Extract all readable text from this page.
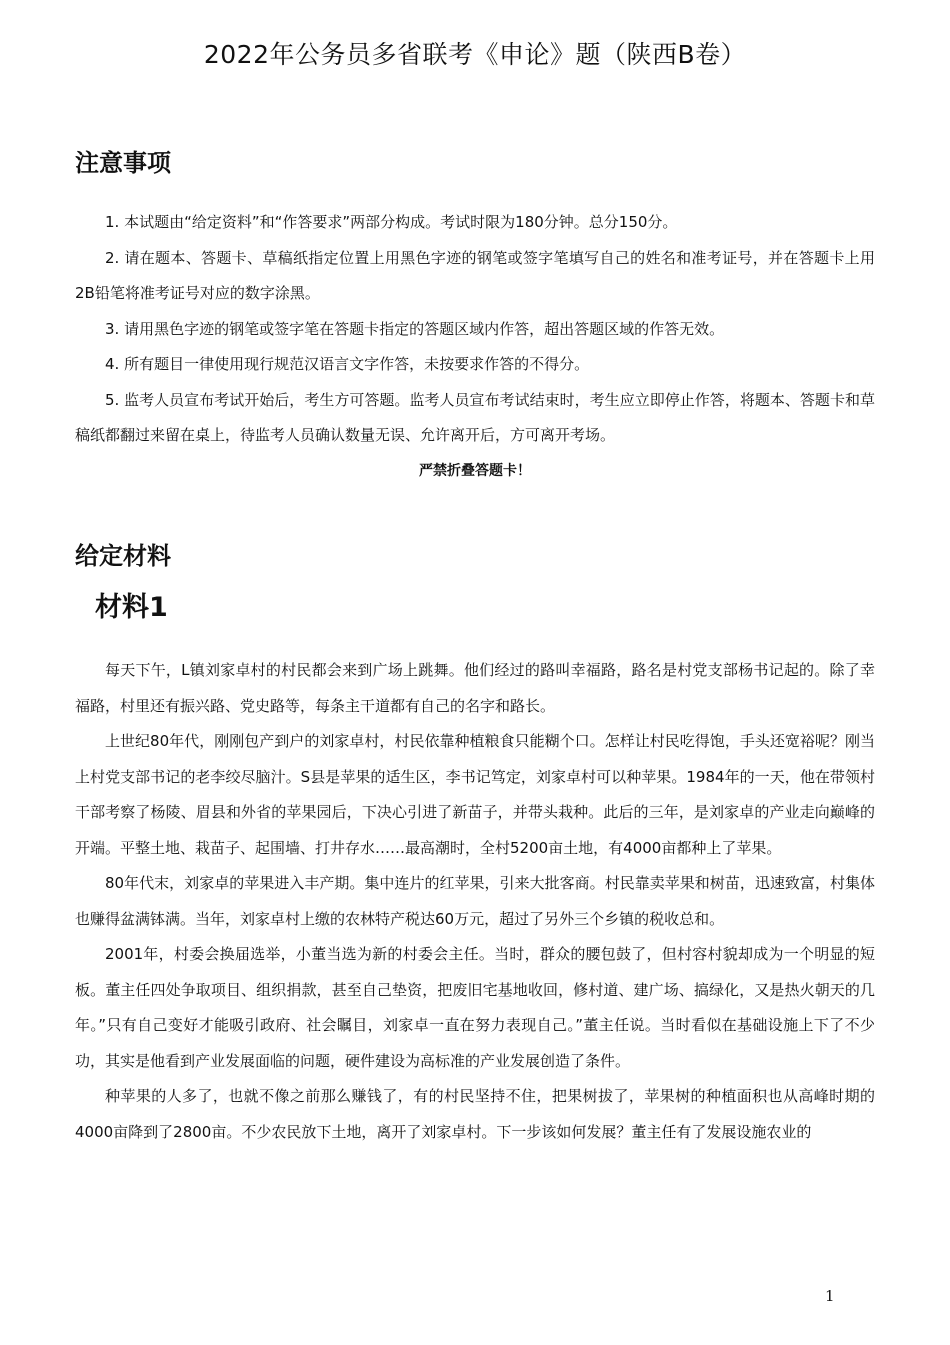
2022年公务员多省联考《申论》题（陕西B卷）
注意事项
1. 本试题由“给定资料”和“作答要求”两部分构成。考试时限为180分钟。总分150分。
2. 请在题本、答题卡、草稿纸指定位置上用黑色字迹的钢笔或签字笔填写自己的姓名和准考证号，并在答题卡上用2B铅笔将准考证号对应的数字涂黑。
3. 请用黑色字迹的钢笔或签字笔在答题卡指定的答题区域内作答，超出答题区域的作答无效。
4. 所有题目一律使用现行规范汉语言文字作答，未按要求作答的不得分。
5. 监考人员宣布考试开始后，考生方可答题。监考人员宣布考试结束时，考生应立即停止作答，将题本、答题卡和草稿纸都翻过来留在桌上，待监考人员确认数量无误、允许离开后，方可离开考场。
严禁折叠答题卡！
给定材料
材料1
每天下午，L镇刘家卓村的村民都会来到广场上跳舞。他们经过的路叫幸福路，路名是村党支部杨书记起的。除了幸福路，村里还有振兴路、党史路等，每条主干道都有自己的名字和路长。
上世纪80年代，刚刚包产到户的刘家卓村，村民依靠种植粮食只能糊个口。怎样让村民吃得饱，手头还宽裕呢？刚当上村党支部书记的老李绞尽脑汁。S县是苹果的适生区，李书记笃定，刘家卓村可以种苹果。1984年的一天，他在带领村干部考察了杨陵、眉县和外省的苹果园后，下决心引进了新苗子，并带头栽种。此后的三年，是刘家卓的产业走向巅峰的开端。平整土地、栽苗子、起围墙、打井存水……最高潮时，全村5200亩土地，有4000亩都种上了苹果。
80年代末，刘家卓的苹果进入丰产期。集中连片的红苹果，引来大批客商。村民靠卖苹果和树苗，迅速致富，村集体也赚得盆满钵满。当年，刘家卓村上缴的农林特产税达60万元，超过了另外三个乡镇的税收总和。
2001年，村委会换届选举，小董当选为新的村委会主任。当时，群众的腰包鼓了，但村容村貌却成为一个明显的短板。董主任四处争取项目、组织捐款，甚至自己垫资，把废旧宅基地收回，修村道、建广场、搞绿化，又是热火朝天的几年。”只有自己变好才能吸引政府、社会瞩目，刘家卓一直在努力表现自己。”董主任说。当时看似在基础设施上下了不少功，其实是他看到产业发展面临的问题，硬件建设为高标准的产业发展创造了条件。
种苹果的人多了，也就不像之前那么赚钱了，有的村民坚持不住，把果树拔了，苹果树的种植面积也从高峰时期的4000亩降到了2800亩。不少农民放下土地，离开了刘家卓村。下一步该如何发展？董主任有了发展设施农业的
1
